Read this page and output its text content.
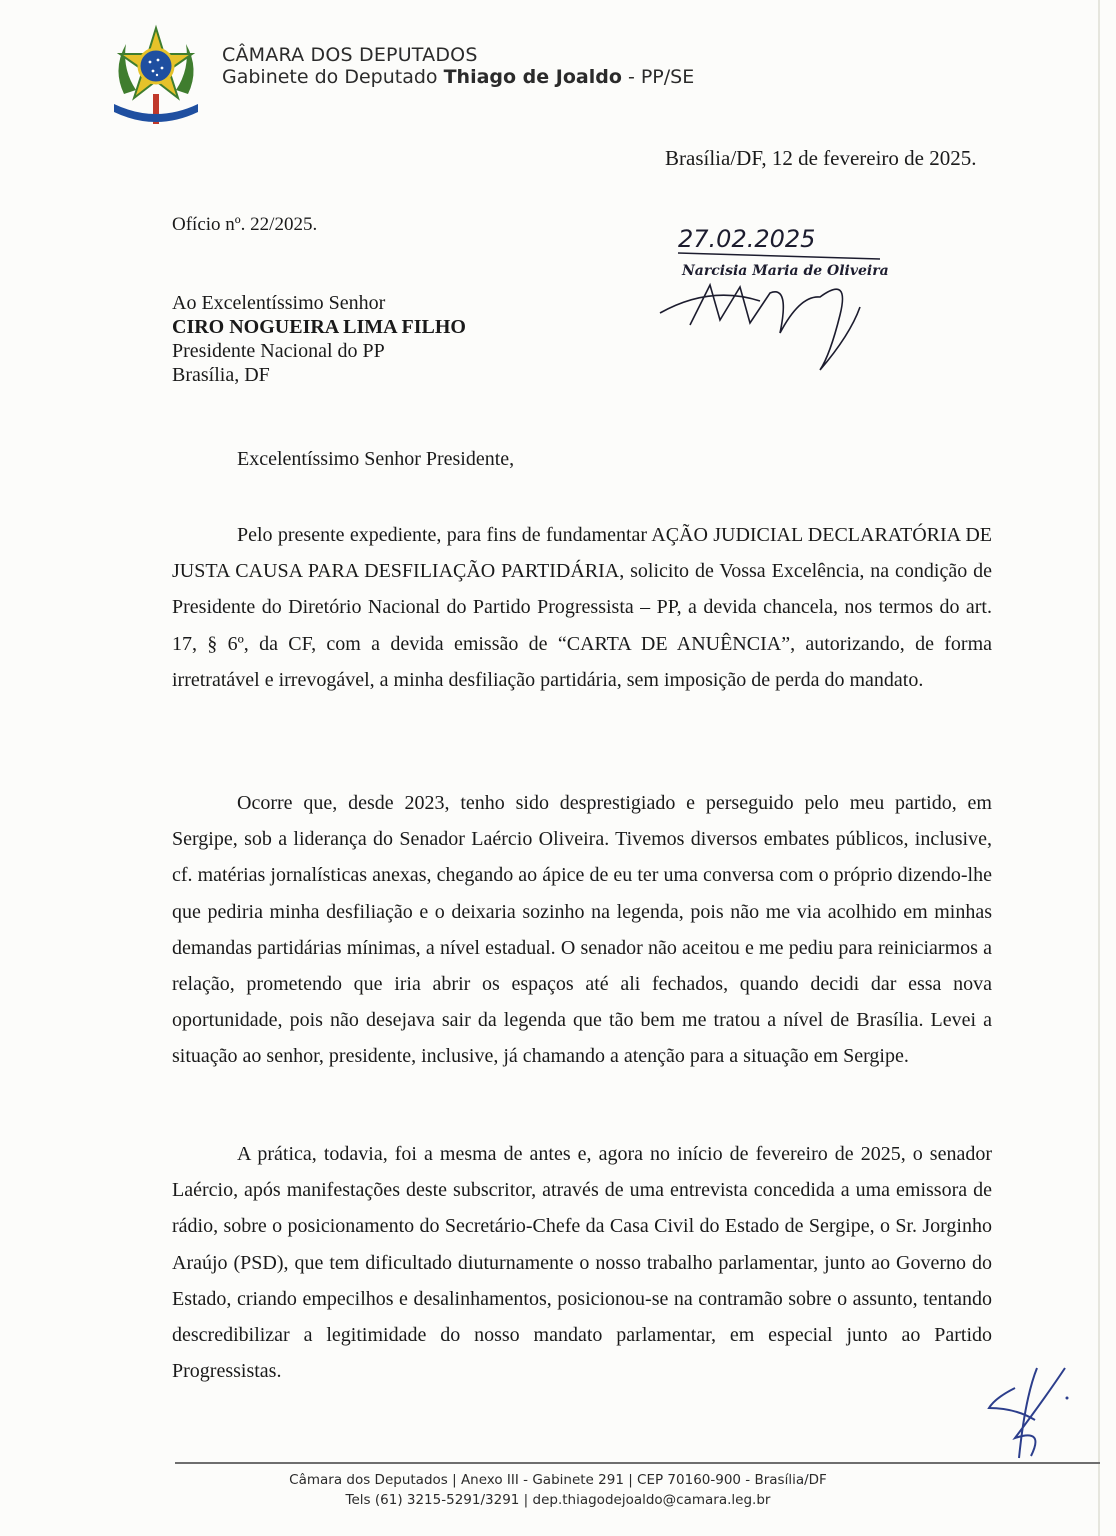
CÂMARA DOS DEPUTADOS
Gabinete do Deputado Thiago de Joaldo - PP/SE
Brasília/DF, 12 de fevereiro de 2025.
Ofício nº. 22/2025.
27.02.2025
Narcisia Maria de Oliveira
Ao Excelentíssimo Senhor
CIRO NOGUEIRA LIMA FILHO
Presidente Nacional do PP
Brasília, DF
Excelentíssimo Senhor Presidente,

Pelo presente expediente, para fins de fundamentar AÇÃO JUDICIAL DECLARATÓRIA DE JUSTA CAUSA PARA DESFILIAÇÃO PARTIDÁRIA, solicito de Vossa Excelência, na condição de Presidente do Diretório Nacional do Partido Progressista – PP, a devida chancela, nos termos do art. 17, § 6º, da CF, com a devida emissão de “CARTA DE ANUÊNCIA”, autorizando, de forma irretratável e irrevogável, a minha desfiliação partidária, sem imposição de perda do mandato.

Ocorre que, desde 2023, tenho sido desprestigiado e perseguido pelo meu partido, em Sergipe, sob a liderança do Senador Laércio Oliveira. Tivemos diversos embates públicos, inclusive, cf. matérias jornalísticas anexas, chegando ao ápice de eu ter uma conversa com o próprio dizendo-lhe que pediria minha desfiliação e o deixaria sozinho na legenda, pois não me via acolhido em minhas demandas partidárias mínimas, a nível estadual. O senador não aceitou e me pediu para reiniciarmos a relação, prometendo que iria abrir os espaços até ali fechados, quando decidi dar essa nova oportunidade, pois não desejava sair da legenda que tão bem me tratou a nível de Brasília. Levei a situação ao senhor, presidente, inclusive, já chamando a atenção para a situação em Sergipe.

A prática, todavia, foi a mesma de antes e, agora no início de fevereiro de 2025, o senador Laércio, após manifestações deste subscritor, através de uma entrevista concedida a uma emissora de rádio, sobre o posicionamento do Secretário-Chefe da Casa Civil do Estado de Sergipe, o Sr. Jorginho Araújo (PSD), que tem dificultado diuturnamente o nosso trabalho parlamentar, junto ao Governo do Estado, criando empecilhos e desalinhamentos, posicionou-se na contramão sobre o assunto, tentando descredibilizar a legitimidade do nosso mandato parlamentar, em especial junto ao Partido Progressistas.

Câmara dos Deputados | Anexo III - Gabinete 291 | CEP 70160-900 - Brasília/DF
Tels (61) 3215-5291/3291 | dep.thiagodejoaldo@camara.leg.br
